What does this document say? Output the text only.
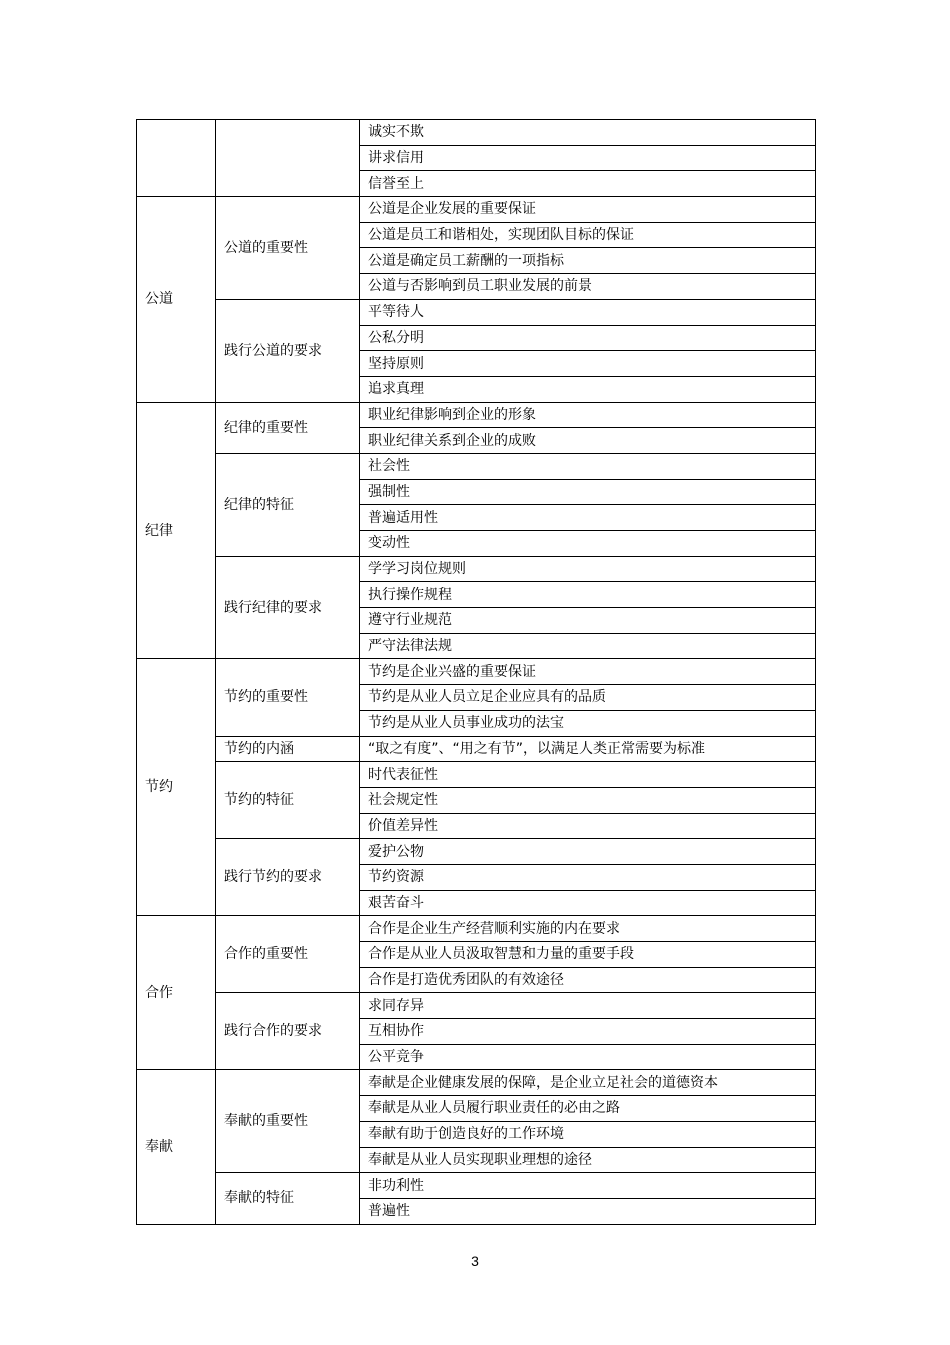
		诚实不欺
		讲求信用
		信誉至上
公道	公道的重要性	公道是企业发展的重要保证
		公道是员工和谐相处，实现团队目标的保证
		公道是确定员工薪酬的一项指标
		公道与否影响到员工职业发展的前景
	践行公道的要求	平等待人
		公私分明
		坚持原则
		追求真理
纪律	纪律的重要性	职业纪律影响到企业的形象
		职业纪律关系到企业的成败
	纪律的特征	社会性
		强制性
		普遍适用性
		变动性
	践行纪律的要求	学学习岗位规则
		执行操作规程
		遵守行业规范
		严守法律法规
节约	节约的重要性	节约是企业兴盛的重要保证
		节约是从业人员立足企业应具有的品质
		节约是从业人员事业成功的法宝
	节约的内涵	“取之有度”、“用之有节”，以满足人类正常需要为标准
	节约的特征	时代表征性
		社会规定性
		价值差异性
	践行节约的要求	爱护公物
		节约资源
		艰苦奋斗
合作	合作的重要性	合作是企业生产经营顺利实施的内在要求
		合作是从业人员汲取智慧和力量的重要手段
		合作是打造优秀团队的有效途径
	践行合作的要求	求同存异
		互相协作
		公平竞争
奉献	奉献的重要性	奉献是企业健康发展的保障，是企业立足社会的道德资本
		奉献是从业人员履行职业责任的必由之路
		奉献有助于创造良好的工作环境
		奉献是从业人员实现职业理想的途径
	奉献的特征	非功利性
		普遍性
3
